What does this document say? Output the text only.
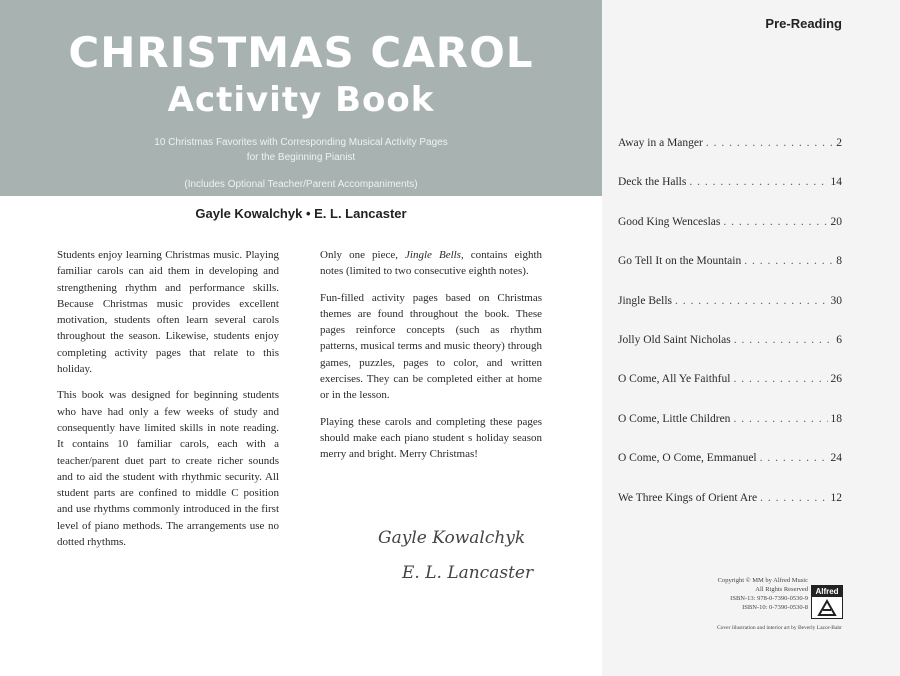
CHRISTMAS CAROL
Activity Book
10 Christmas Favorites with Corresponding Musical Activity Pages
for the Beginning Pianist
(Includes Optional Teacher/Parent Accompaniments)
Gayle Kowalchyk • E. L. Lancaster

Students enjoy learning Christmas music. Playing familiar carols can aid them in developing and strengthening rhythm and performance skills. Because Christmas music provides excellent motivation, students often learn several carols throughout the season. Likewise, students enjoy completing activity pages that relate to this holiday.

This book was designed for beginning students who have had only a few weeks of study and consequently have limited skills in note reading. It contains 10 familiar carols, each with a teacher/parent duet part to create richer sounds and to aid the student with rhythmic security. All student parts are confined to middle C position and use rhythms commonly introduced in the first level of piano methods. The arrangements use no dotted rhythms.

Only one piece, Jingle Bells, contains eighth notes (limited to two consecutive eighth notes).

Fun-filled activity pages based on Christmas themes are found throughout the book. These pages reinforce concepts (such as rhythm patterns, musical terms and music theory) through games, puzzles, pages to color, and written exercises. They can be completed either at home or in the lesson.

Playing these carols and completing these pages should make each piano student s holiday season merry and bright. Merry Christmas!

Gayle Kowalchyk
E. L. Lancaster
Pre-Reading
Away in a Manger . . .	2
Deck the Halls . . .	14
Good King Wenceslas . . .	20
Go Tell It on the Mountain . . .	8
Jingle Bells . . .	30
Jolly Old Saint Nicholas . . .	6
O Come, All Ye Faithful . . .	26
O Come, Little Children . . .	18
O Come, O Come, Emmanuel . . .	24
We Three Kings of Orient Are . . .	12
Copyright © MM by Alfred Music
All Rights Reserved
ISBN-13: 978-0-7390-0530-9
ISBN-10: 0-7390-0530-8
Alfred
Cover illustration and interior art by Beverly Lazor-Bahr
